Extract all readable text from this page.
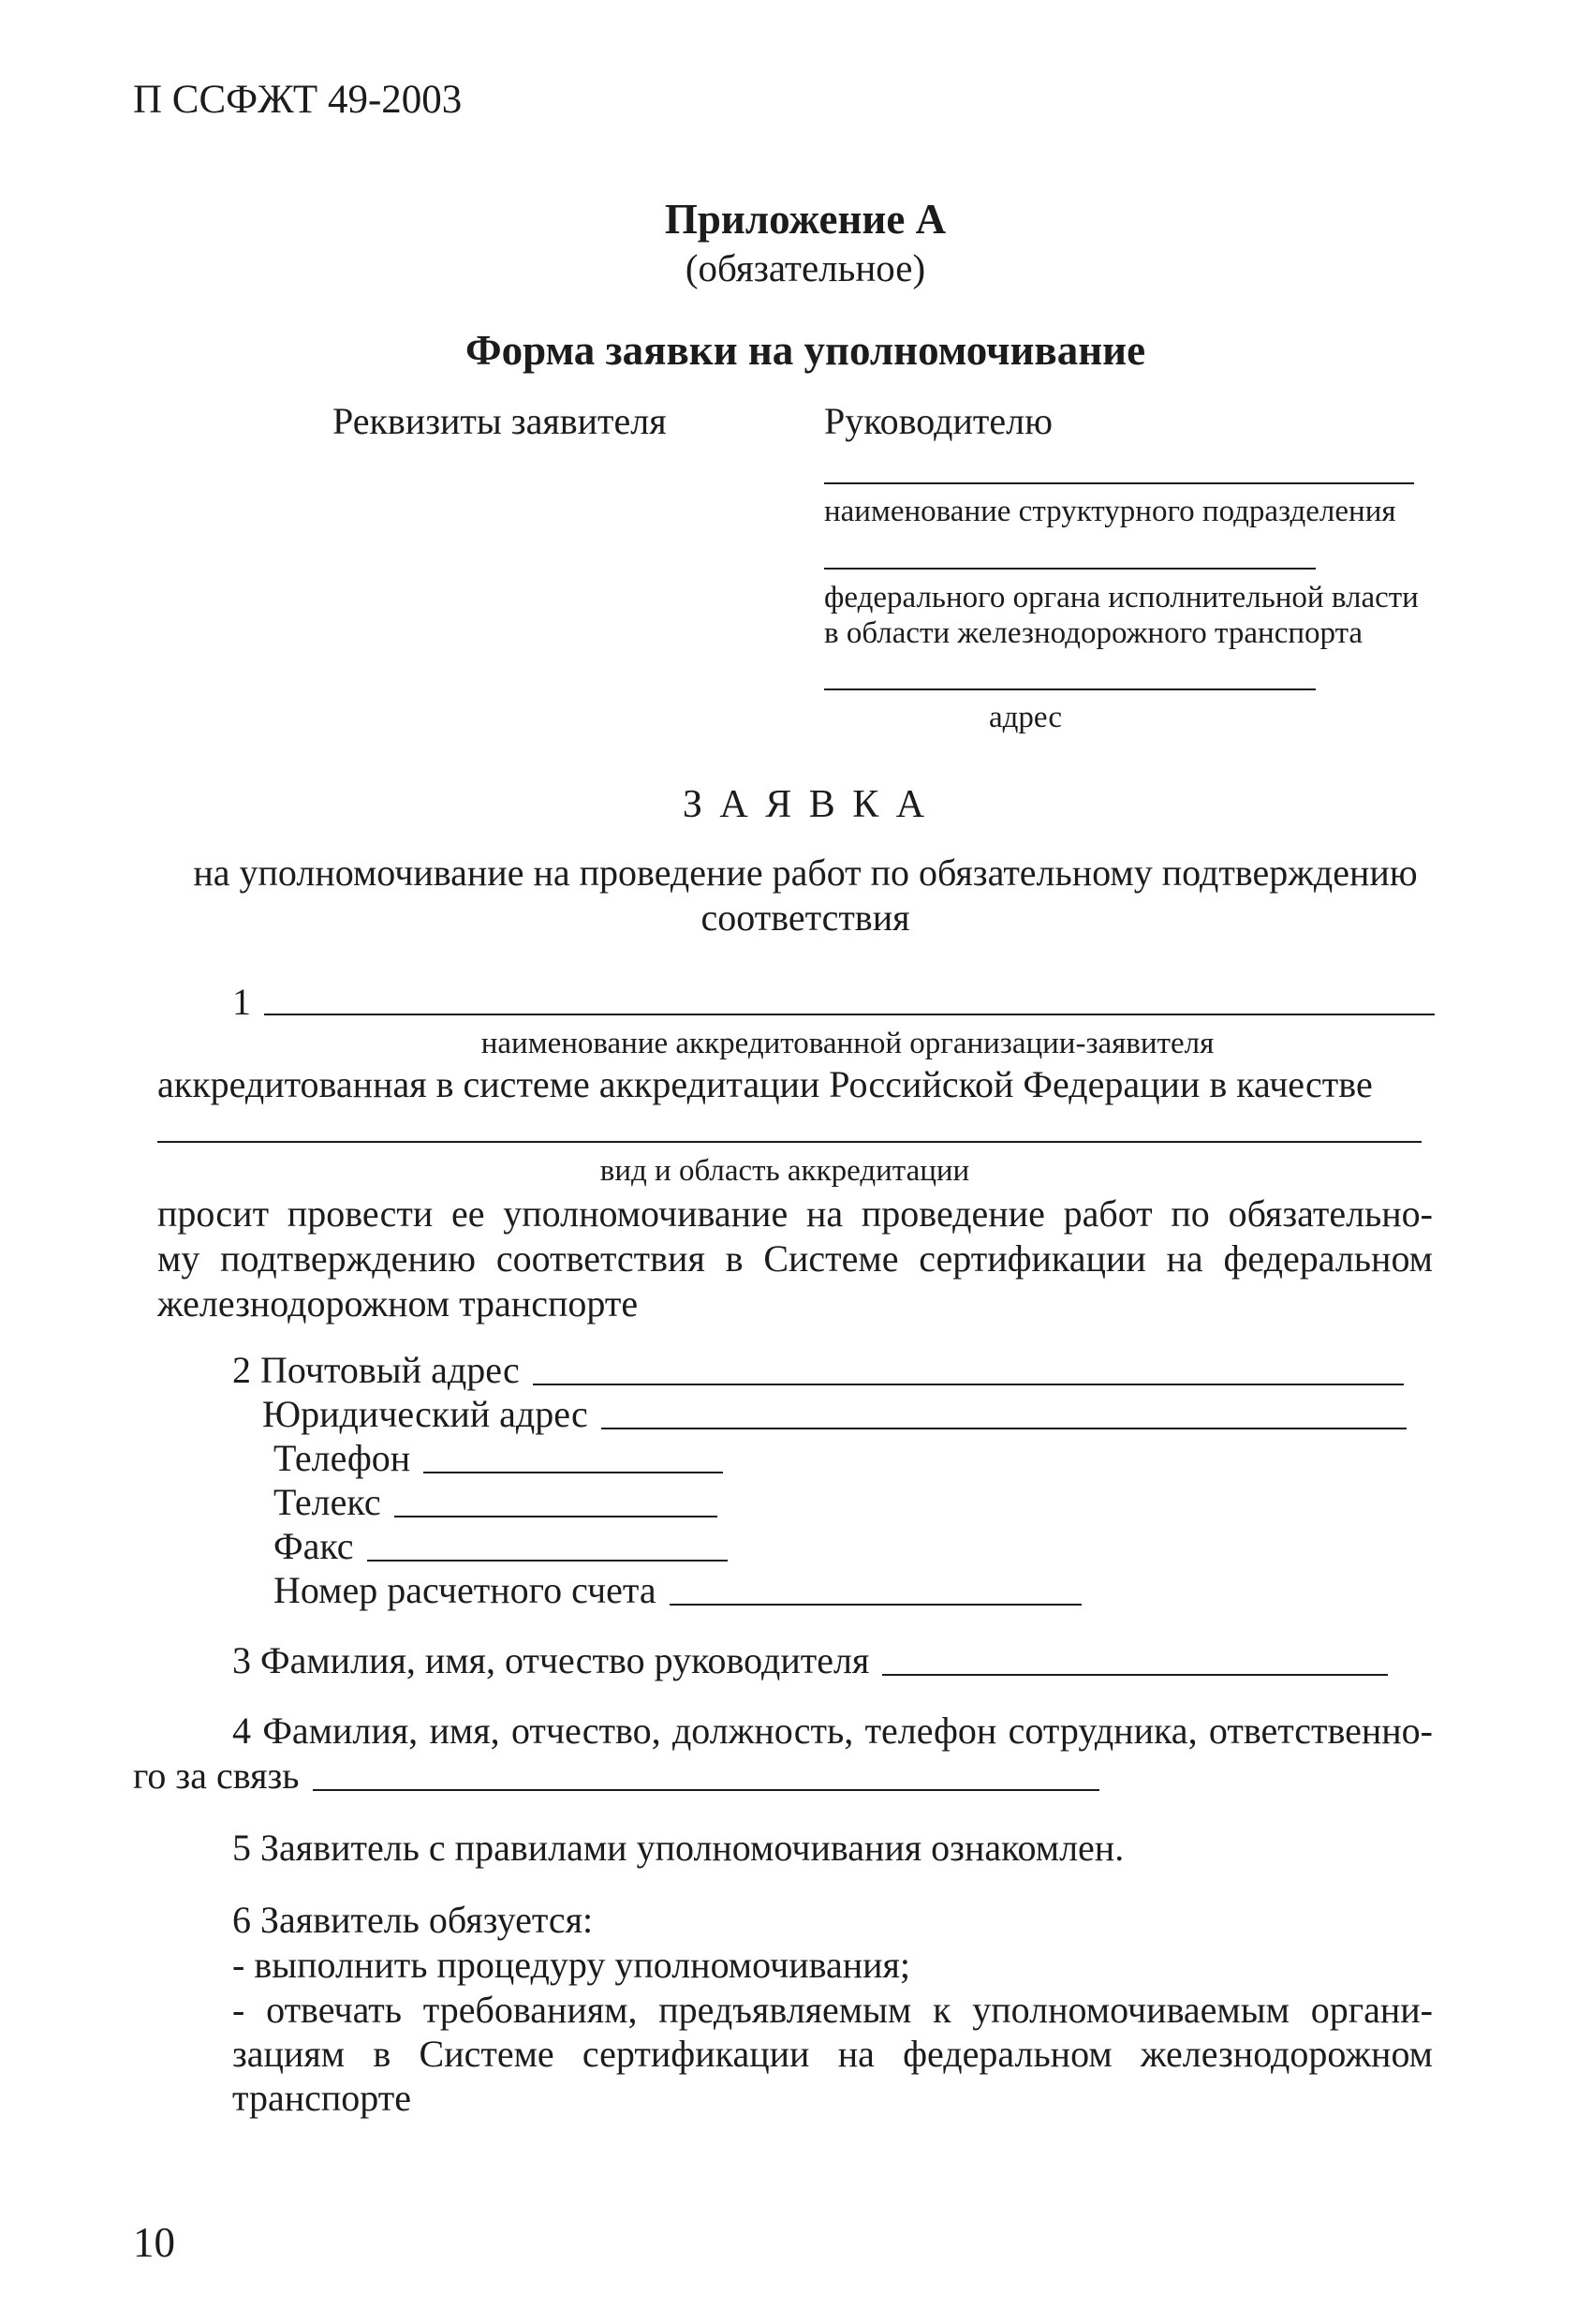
П ССФЖТ 49-2003
Приложение А
(обязательное)
Форма заявки на уполномочивание
Реквизиты заявителя	Руководителю
наименование структурного подразделения
федерального органа исполнительной власти
в области железнодорожного транспорта
адрес
З А Я В К А
на уполномочивание на проведение работ по обязательному подтверждению
соответствия
1
наименование аккредитованной организации-заявителя
аккредитованная в системе аккредитации Российской Федерации в качестве
вид и область аккредитации
просит провести ее уполномочивание на проведение работ по обязательно-
му подтверждению соответствия в Системе сертификации на федеральном
железнодорожном транспорте
2 Почтовый адрес
Юридический адрес
Телефон
Телекс
Факс
Номер расчетного счета
3 Фамилия, имя, отчество руководителя
4 Фамилия, имя, отчество, должность, телефон сотрудника, ответственно-
го за связь
5 Заявитель с правилами уполномочивания ознакомлен.
6 Заявитель обязуется:
- выполнить процедуру уполномочивания;
- отвечать требованиям, предъявляемым к уполномочиваемым органи-
зациям в Системе сертификации на федеральном железнодорожном
транспорте
10
